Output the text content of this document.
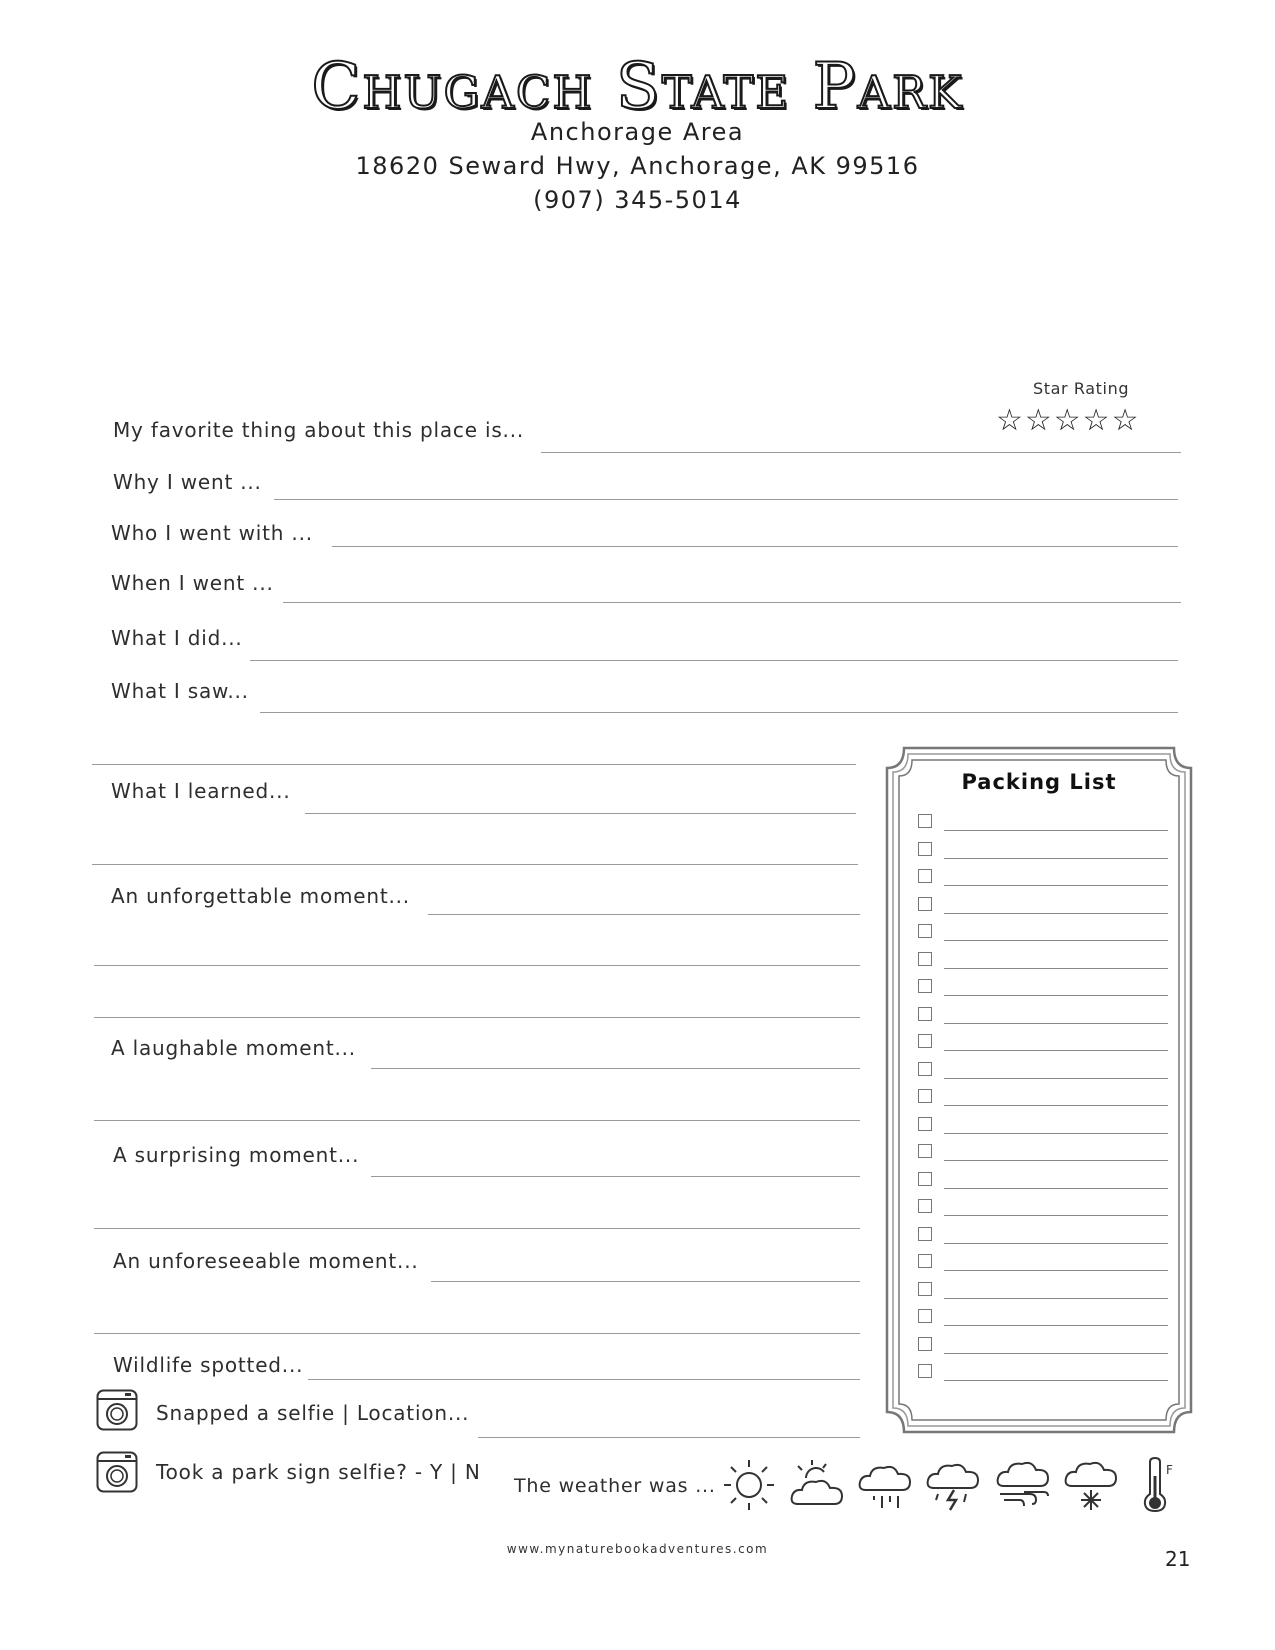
Chugach State Park
Anchorage Area
18620 Seward Hwy, Anchorage, AK 99516
(907) 345-5014
Star Rating
☆☆☆☆☆
My favorite thing about this place is...
Why I went ...
Who I went with ...
When I went ...
What I did...
What I saw...
What I learned...
An unforgettable moment...
A laughable moment...
A surprising moment...
An unforeseeable moment...
Wildlife spotted...
Snapped a selfie | Location...
Took a park sign selfie? - Y | N
The weather was ...
F
Packing List
www.mynaturebookadventures.com	21
